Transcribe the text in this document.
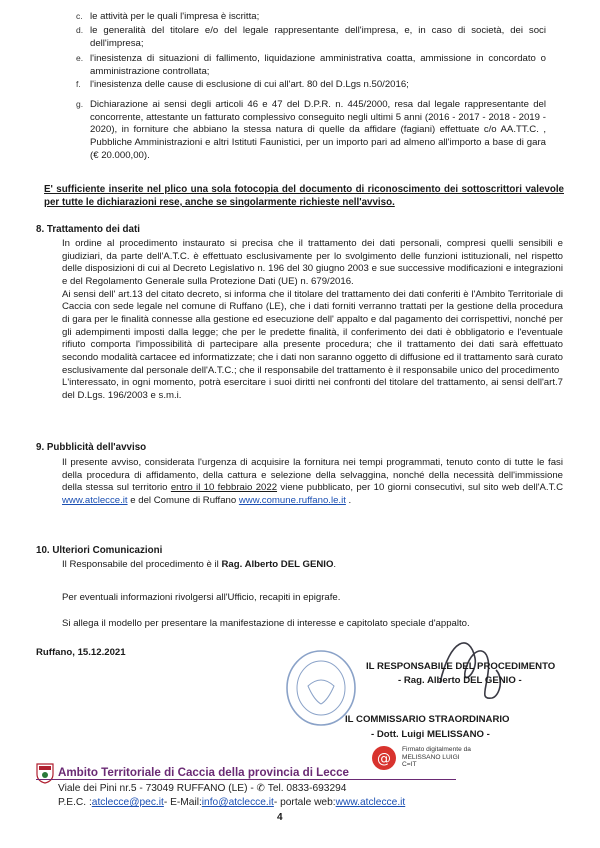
c. le attività per le quali l'impresa è iscritta;
d. le generalità del titolare e/o del legale rappresentante dell'impresa, e, in caso di società, dei soci dell'impresa;
e. l'inesistenza di situazioni di fallimento, liquidazione amministrativa coatta, ammissione in concordato o amministrazione controllata;
f. l'inesistenza delle cause di esclusione di cui all'art. 80 del D.Lgs n.50/2016;
g. Dichiarazione ai sensi degli articoli 46 e 47 del D.P.R. n. 445/2000, resa dal legale rappresentante del concorrente, attestante un fatturato complessivo conseguito negli ultimi 5 anni (2016 - 2017 - 2018 - 2019 - 2020), in forniture che abbiano la stessa natura di quelle da affidare (fagiani) effettuate c/o AA.TT.C. , Pubbliche Amministrazioni e altri Istituti Faunistici, per un importo pari ad almeno all'importo a base di gara (€ 20.000,00).
E' sufficiente inserite nel plico una sola fotocopia del documento di riconoscimento dei sottoscrittori valevole per tutte le dichiarazioni rese, anche se singolarmente richieste nell'avviso.
8. Trattamento dei dati
In ordine al procedimento instaurato si precisa che il trattamento dei dati personali, compresi quelli sensibili e giudiziari, da parte dell'A.T.C. è effettuato esclusivamente per lo svolgimento delle funzioni istituzionali, nel rispetto delle disposizioni di cui al Decreto Legislativo n. 196 del 30 giugno 2003 e sue successive modificazioni e integrazioni e del Regolamento Generale sulla Protezione Dati (UE) n. 679/2016.
Ai sensi dell' art.13 del citato decreto, si informa che il titolare del trattamento dei dati conferiti è l'Ambito Territoriale di Caccia con sede legale nel comune di Ruffano (LE), che i dati forniti verranno trattati per la gestione della procedura di gara per le finalità connesse alla gestione ed esecuzione dell' appalto e dal pagamento dei corrispettivi, nonché per gli adempimenti imposti dalla legge; che per le predette finalità, il conferimento dei dati è obbligatorio e l'eventuale rifiuto comporta l'impossibilità di partecipare alla presente procedura; che il trattamento dei dati sarà effettuato secondo modalità cartacee ed informatizzate; che i dati non saranno oggetto di diffusione ed il trattamento sarà curato esclusivamente dal personale dell'A.T.C.; che il responsabile del trattamento è il responsabile unico del procedimento
L'interessato, in ogni momento, potrà esercitare i suoi diritti nei confronti del titolare del trattamento, ai sensi dell'art.7 del D.Lgs. 196/2003 e s.m.i.
9. Pubblicità dell'avviso
Il presente avviso, considerata l'urgenza di acquisire la fornitura nei tempi programmati, tenuto conto di tutte le fasi della procedura di affidamento, della cattura e selezione della selvaggina, nonché della necessità dell'immissione della stessa sul territorio entro il 10 febbraio 2022 viene pubblicato, per 10 giorni consecutivi, sul sito web dell'A.T.C www.atclecce.it e del Comune di Ruffano www.comune.ruffano.le.it .
10. Ulteriori Comunicazioni
Il Responsabile del procedimento è il Rag. Alberto DEL GENIO.
Per eventuali informazioni rivolgersi all'Ufficio, recapiti in epigrafe.
Si allega il modello per presentare la manifestazione di interesse e capitolato speciale d'appalto.
Ruffano, 15.12.2021
IL RESPONSABILE DEL PROCEDIMENTO
- Rag. Alberto DEL GENIO -
IL COMMISSARIO STRAORDINARIO
- Dott. Luigi MELISSANO -
@
Firmato digitalmente da
MELISSANO LUIGI
C=IT
Ambito Territoriale di Caccia della provincia di Lecce
Viale dei Pini nr.5 - 73049 RUFFANO (LE) - ✆ Tel. 0833-693294
P.E.C. :atclecce@pec.it- E-Mail:info@atclecce.it- portale web:www.atclecce.it
4
